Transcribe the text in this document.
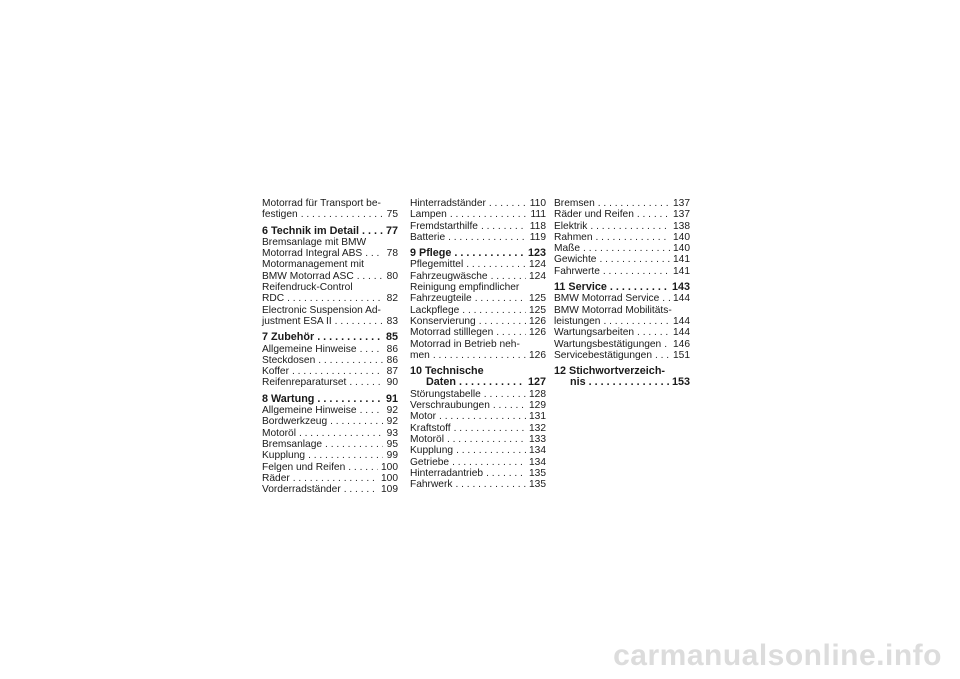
Motorrad für Transport be-
festigen . . .	75
6 Technik im Detail . . . 77
Bremsanlage mit BMW
Motorrad Integral ABS . . . 78
Motormanagement mit
BMW Motorrad ASC . . .	80
Reifendruck-Control
RDC . . .	82
Electronic Suspension Ad-
justment ESA II . . .	83
7 Zubehör . . .	85
Allgemeine Hinweise . . .	86
Steckdosen . . .	86
Koffer . . .	87
Reifenreparaturset . . .	90
8 Wartung . . .	91
Allgemeine Hinweise . . .	92
Bordwerkzeug . . .	92
Motoröl . . .	93
Bremsanlage . . .	95
Kupplung . . .	99
Felgen und Reifen . . .	100
Räder . . .	100
Vorderradständer . . .	109
Hinterradständer . . .	110
Lampen . . .	111
Fremdstarthilfe . . .	118
Batterie . . .	119
9 Pflege . . .	123
Pflegemittel . . .	124
Fahrzeugwäsche . . .	124
Reinigung empfindlicher
Fahrzeugteile . . .	125
Lackpflege . . .	125
Konservierung . . .	126
Motorrad stilllegen . . .	126
Motorrad in Betrieb neh-
men . . .	126
10 Technische
Daten . . .	127
Störungstabelle . . .	128
Verschraubungen . . .	129
Motor . . .	131
Kraftstoff . . .	132
Motoröl . . .	133
Kupplung . . .	134
Getriebe . . .	134
Hinterradantrieb . . .	135
Fahrwerk . . .	135
Bremsen . . .	137
Räder und Reifen . . .	137
Elektrik . . .	138
Rahmen . . .	140
Maße . . .	140
Gewichte . . .	141
Fahrwerte . . .	141
11 Service . . .	143
BMW Motorrad Service . . . 144
BMW Motorrad Mobilitäts-
leistungen . . .	144
Wartungsarbeiten . . .	144
Wartungsbestätigungen . . . 146
Servicebestätigungen . . . 151
12 Stichwortverzeich-
nis . . .	153
carmanualsonline.info
